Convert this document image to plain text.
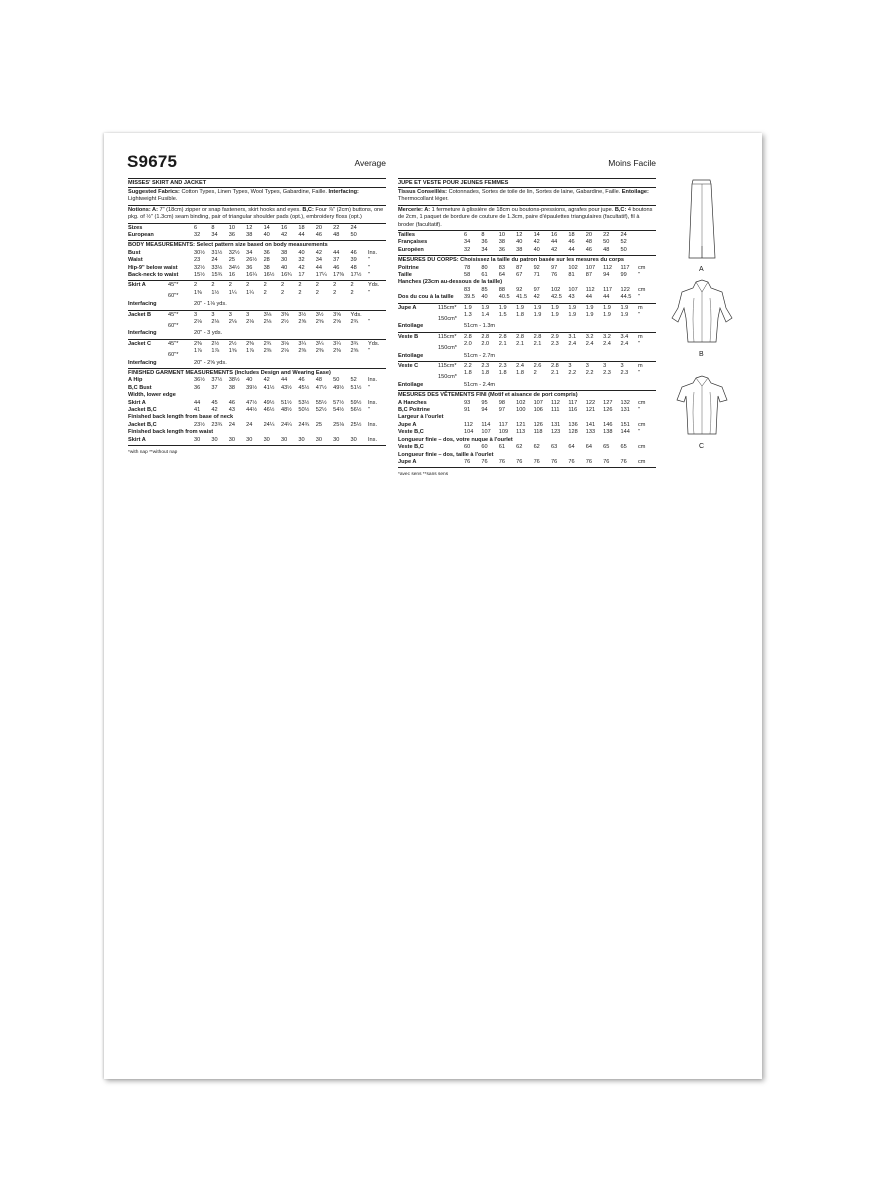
S9675	Average
MISSES' SKIRT AND JACKET
Suggested Fabrics: Cotton Types, Linen Types, Wool Types, Gabardine, Faille. Interfacing: Lightweight Fusible.
Notions: A: 7" (18cm) zipper or snap fasteners, skirt hooks and eyes. B,C: Four ⅞" (2cm) buttons, one pkg. of ½" (1.3cm) seam binding, pair of triangular shoulder pads (opt.), embroidery floss (opt.)
Sizes	6	8	10	12	14	16	18	20	22	24	
European	32	34	36	38	40	42	44	46	48	50	
BODY MEASUREMENTS: Select pattern size based on body measurements
Bust	30½	31½	32½	34	36	38	40	42	44	46	Ins.
Waist	23	24	25	26½	28	30	32	34	37	39	"
Hip-9" below waist	32½	33½	34½	36	38	40	42	44	46	48	"
Back-neck to waist	15½	15¾	16	16¼	16½	16¾	17	17¼	17⅜	17½	"
Skirt A 45"*	2	2	2	2	2	2	2	2	2	2	Yds.

60"*	1⅜	1½	1¼	1¼	2	2	2	2	2	2	"

Interfacing	20" - 1⅛ yds.										
Jacket B 45"*	3	3	3	3	3⅛	3⅜	3½	3½	3⅝	Yds.	

60"*	2⅛	2⅛	2⅛	2⅛	2⅛	2½	2⅝	2⅝	2⅝	2¾	"

Interfacing	20" - 3 yds.										
Jacket C 45"*	2⅜	2½	2½	2⅜	2¾	3⅛	3¼	3¼	3¼	3¾	Yds.

60"*	1⅞	1⅞	1⅝	1⅞	2⅜	2⅛	2⅜	2⅜	2⅜	2⅝	"

Interfacing	20" - 2⅝ yds.										
FINISHED GARMENT MEASUREMENTS (Includes Design and Wearing Ease)
A Hip	36½	37½	38½	40	42	44	46	48	50	52	Ins.
B,C Bust	36	37	38	39½	41½	43½	45½	47½	49½	51½	"
Width, lower edge											
Skirt A	44	45	46	47½	49½	51½	53½	55½	57½	59½	Ins.
Jacket B,C	41	42	43	44½	46½	48½	50½	52½	54½	56½	"
Finished back length from base of neck											
Jacket B,C	23½	23¾	24	24	24¼	24¼	24¾	25	25⅛	25½	Ins.
Finished back length from waist											
Skirt A	30	30	30	30	30	30	30	30	30	30	Ins.
*with nap **without nap
Moins Facile
JUPE ET VESTE POUR JEUNES FEMMES
Tissus Conseillés: Cotonnades, Sortes de toile de lin, Sortes de laine, Gabardine, Faille. Entoilage: Thermocollant léger.
Mercerie: A: 1 fermeture à glissière de 18cm ou boutons-pressions, agrafes pour jupe. B,C: 4 boutons de 2cm, 1 paquet de bordure de couture de 1.3cm, paire d'épaulettes triangulaires (facultatif), fil à broder (facultatif).
Tailles	6	8	10	12	14	16	18	20	22	24	
Françaises	34	36	38	40	42	44	46	48	50	52	
Européen	32	34	36	38	40	42	44	46	48	50	
MESURES DU CORPS: Choisissez la taille du patron basée sur les mesures du corps
Poitrine	78	80	83	87	92	97	102	107	112	117	cm
Taille	58	61	64	67	71	76	81	87	94	99	"
Hanches (23cm au-dessous de la taille)											
	83	85	88	92	97	102	107	112	117	122	cm
Dos du cou à la taille	39.5	40	40.5	41.5	42	42.5	43	44	44	44.5	"
Jupe A 115cm*	1.9	1.9	1.9	1.9	1.9	1.9	1.9	1.9	1.9	1.9	m

150cm*	1.3	1.4	1.5	1.8	1.9	1.9	1.9	1.9	1.9	1.9	"

Entoilage	51cm - 1.3m										
Veste B 115cm*	2.8	2.8	2.8	2.8	2.8	2.9	3.1	3.2	3.2	3.4	m

150cm*	2.0	2.0	2.1	2.1	2.1	2.3	2.4	2.4	2.4	2.4	"

Entoilage	51cm - 2.7m										
Veste C 115cm*	2.2	2.3	2.3	2.4	2.6	2.8	3	3	3	3	m

150cm*	1.8	1.8	1.8	1.8	2	2.1	2.2	2.2	2.3	2.3	"

Entoilage	51cm - 2.4m										
MESURES DES VÊTEMENTS FINI (Motif et aisance de port compris)
A Hanches	93	95	98	102	107	112	117	122	127	132	cm
B,C Poitrine	91	94	97	100	106	111	116	121	126	131	"
Largeur à l'ourlet											
Jupe A	112	114	117	121	126	131	136	141	146	151	cm
Veste B,C	104	107	109	113	118	123	128	133	138	144	"
Longueur finie – dos, votre nuque à l'ourlet											
Veste B,C	60	60	61	62	62	63	64	64	65	65	cm
Longueur finie – dos, taille à l'ourlet											
Jupe A	76	76	76	76	76	76	76	76	76	76	cm
*avec sens **sans sens
A
B
C
